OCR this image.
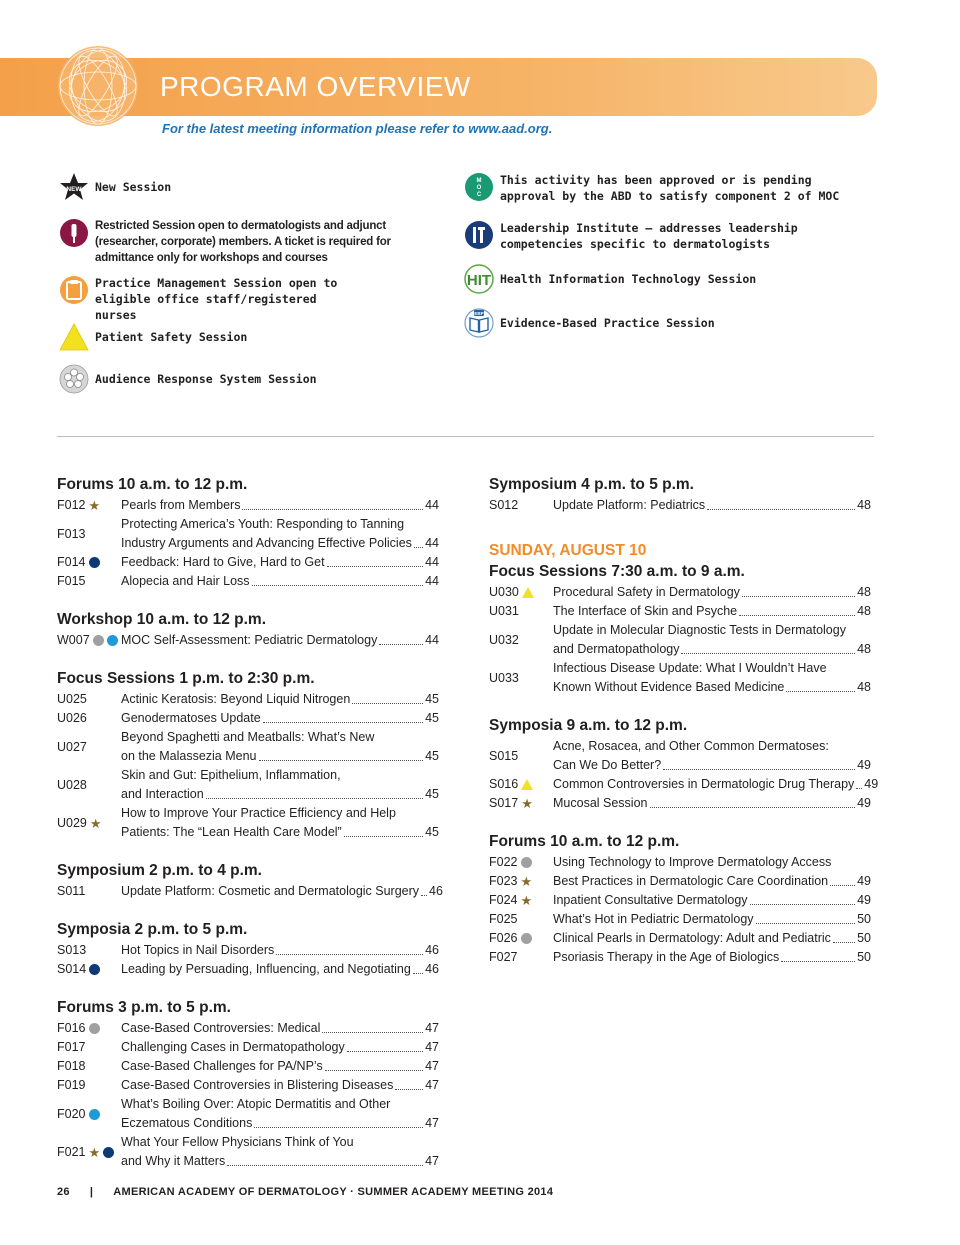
PROGRAM OVERVIEW
For the latest meeting information please refer to www.aad.org.
NEW New Session
Restricted Session open to dermatologists and adjunct (researcher, corporate) members. A ticket is required for admittance only for workshops and courses
Practice Management Session open to eligible office staff/registered nurses
Patient Safety Session
Audience Response System Session
M
O
C
This activity has been approved or is pending approval by the ABD to satisfy component 2 of MOC
Leadership Institute — addresses leadership competencies specific to dermatologists
HIT Health Information Technology Session
EBP
Evidence-Based Practice Session
Forums 10 a.m. to 12 p.m.
F012 ★ Pearls from Members	44
F013
Protecting America’s Youth: Responding to Tanning
Industry Arguments and Advancing Effective Policies 44
F014	Feedback: Hard to Give, Hard to Get	44
F015	Alopecia and Hair Loss	44
Workshop 10 a.m. to 12 p.m.
W007	MOC Self-Assessment: Pediatric Dermatology	44
Focus Sessions 1 p.m. to 2:30 p.m.
U025	Actinic Keratosis: Beyond Liquid Nitrogen	45
U026	Genodermatoses Update	45
U027
Beyond Spaghetti and Meatballs: What’s New
on the Malassezia Menu	45
U028
Skin and Gut: Epithelium, Inflammation,
and Interaction	45
U029 ★
How to Improve Your Practice Efficiency and Help
Patients: The “Lean Health Care Model”	45
Symposium 2 p.m. to 4 p.m.
S011	Update Platform: Cosmetic and Dermatologic Surgery 46
Symposia 2 p.m. to 5 p.m.
S013	Hot Topics in Nail Disorders	46
S014	Leading by Persuading, Influencing, and Negotiating 46
Forums 3 p.m. to 5 p.m.
F016	Case-Based Controversies: Medical	47
F017	Challenging Cases in Dermatopathology	47
F018	Case-Based Challenges for PA/NP’s	47
F019	Case-Based Controversies in Blistering Diseases	47
F020
What’s Boiling Over: Atopic Dermatitis and Other
Eczematous Conditions	47
F021 ★
What Your Fellow Physicians Think of You
and Why it Matters	47
Symposium 4 p.m. to 5 p.m.
S012	Update Platform: Pediatrics	48
SUNDAY, AUGUST 10
Focus Sessions 7:30 a.m. to 9 a.m.
U030	Procedural Safety in Dermatology	48
U031	The Interface of Skin and Psyche	48
U032
Update in Molecular Diagnostic Tests in Dermatology
and Dermatopathology	48
U033
Infectious Disease Update: What I Wouldn’t Have
Known Without Evidence Based Medicine	48
Symposia 9 a.m. to 12 p.m.
S015
Acne, Rosacea, and Other Common Dermatoses:
Can We Do Better?	49
S016	Common Controversies in Dermatologic Drug Therapy 49
S017 ★ Mucosal Session	49
Forums 10 a.m. to 12 p.m.
F022	Using Technology to Improve Dermatology Access
F023 ★ Best Practices in Dermatologic Care Coordination 49
F024 ★ Inpatient Consultative Dermatology	49
F025	What’s Hot in Pediatric Dermatology	50
F026	Clinical Pearls in Dermatology: Adult and Pediatric 50
F027	Psoriasis Therapy in the Age of Biologics	50
26 | AMERICAN ACADEMY OF DERMATOLOGY · SUMMER ACADEMY MEETING 2014
